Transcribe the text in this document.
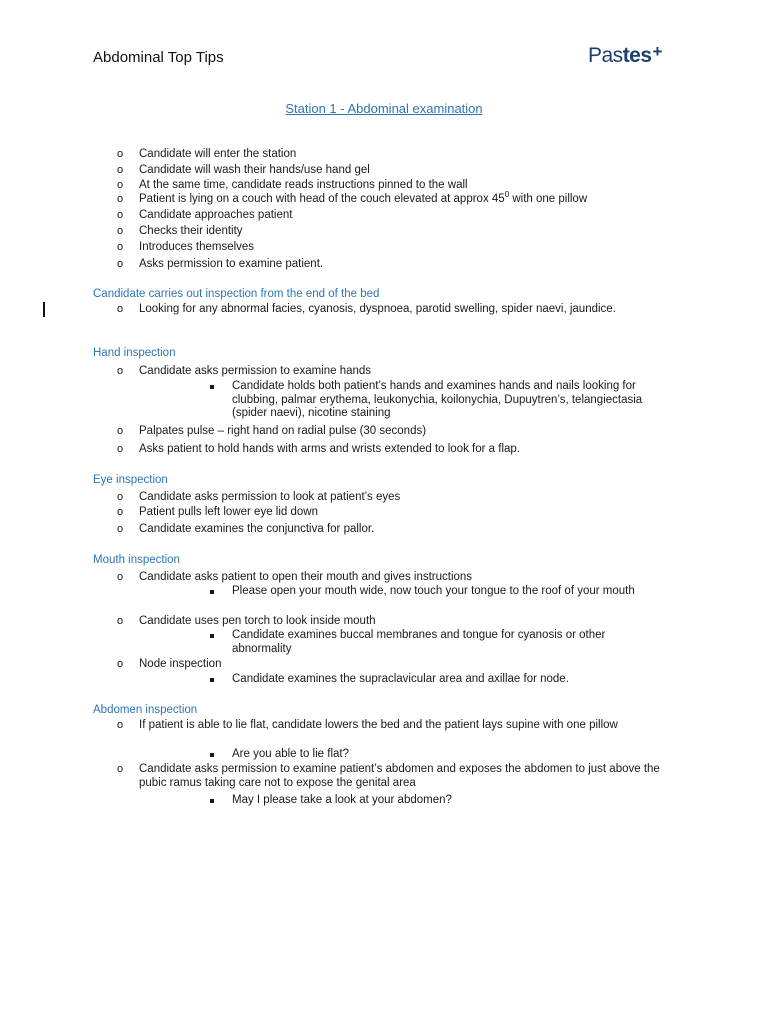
Abdominal Top Tips	Pastes+
Station 1 - Abdominal examination
o Candidate will enter the station
o Candidate will wash their hands/use hand gel
o At the same time, candidate reads instructions pinned to the wall
o Patient is lying on a couch with head of the couch elevated at approx $45^0$ with one pillow
o Candidate approaches patient
o Checks their identity
o Introduces themselves
o Asks permission to examine patient.
Candidate carries out inspection from the end of the bed
o Looking for any abnormal facies, cyanosis, dyspnoea, parotid swelling, spider naevi, jaundice.
Hand inspection
o Candidate asks permission to examine hands
Candidate holds both patient’s hands and examines hands and nails looking for clubbing, palmar erythema, leukonychia, koilonychia, Dupuytren’s, telangiectasia (spider naevi), nicotine staining
o Palpates pulse – right hand on radial pulse (30 seconds)
o Asks patient to hold hands with arms and wrists extended to look for a flap.
Eye inspection
o Candidate asks permission to look at patient’s eyes
o Patient pulls left lower eye lid down
o Candidate examines the conjunctiva for pallor.
Mouth inspection
o Candidate asks patient to open their mouth and gives instructions
Please open your mouth wide, now touch your tongue to the roof of your mouth
o Candidate uses pen torch to look inside mouth
Candidate examines buccal membranes and tongue for cyanosis or other abnormality
o Node inspection
Candidate examines the supraclavicular area and axillae for node.
Abdomen inspection
o If patient is able to lie flat, candidate lowers the bed and the patient lays supine with one pillow
Are you able to lie flat?
o Candidate asks permission to examine patient’s abdomen and exposes the abdomen to just above the pubic ramus taking care not to expose the genital area
May I please take a look at your abdomen?
